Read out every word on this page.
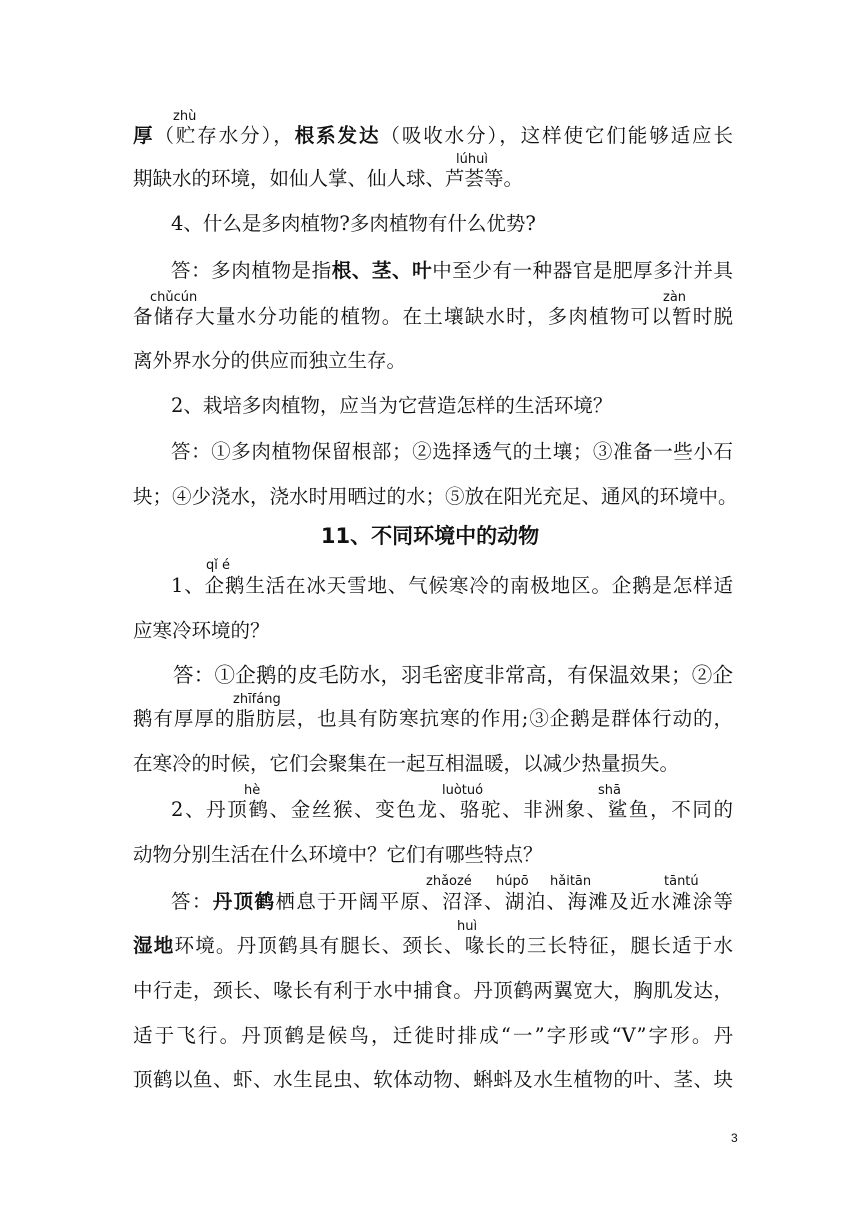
zhù
lúhuì
chǔcún	zàn
qǐ é
zhīfáng
hè	luòtuó	shā
zhǎozé húpō hǎitān	tāntú
huì
厚（贮存水分），根系发达（吸收水分），这样使它们能够适应长
期缺水的环境，如仙人掌、仙人球、芦荟等。
4、什么是多肉植物?多肉植物有什么优势?
答：多肉植物是指根、茎、叶中至少有一种器官是肥厚多汁并具
备储存大量水分功能的植物。在土壤缺水时，多肉植物可以暂时脱
离外界水分的供应而独立生存。
2、栽培多肉植物，应当为它营造怎样的生活环境？
答：①多肉植物保留根部；②选择透气的土壤；③准备一些小石
块；④少浇水，浇水时用晒过的水；⑤放在阳光充足、通风的环境中。
11、不同环境中的动物
1、企鹅生活在冰天雪地、气候寒冷的南极地区。企鹅是怎样适
应寒冷环境的？
答：①企鹅的皮毛防水，羽毛密度非常高，有保温效果；②企
鹅有厚厚的脂肪层，也具有防寒抗寒的作用;③企鹅是群体行动的，
在寒冷的时候，它们会聚集在一起互相温暖，以减少热量损失。
2、丹顶鹤、金丝猴、变色龙、骆驼、非洲象、鲨鱼，不同的
动物分别生活在什么环境中？它们有哪些特点？
答：丹顶鹤栖息于开阔平原、沼泽、湖泊、海滩及近水滩涂等
湿地环境。丹顶鹤具有腿长、颈长、喙长的三长特征，腿长适于水
中行走，颈长、喙长有利于水中捕食。丹顶鹤两翼宽大，胸肌发达，
适于飞行。丹顶鹤是候鸟，迁徙时排成“一”字形或“V”字形。丹
顶鹤以鱼、虾、水生昆虫、软体动物、蝌蚪及水生植物的叶、茎、块
3
